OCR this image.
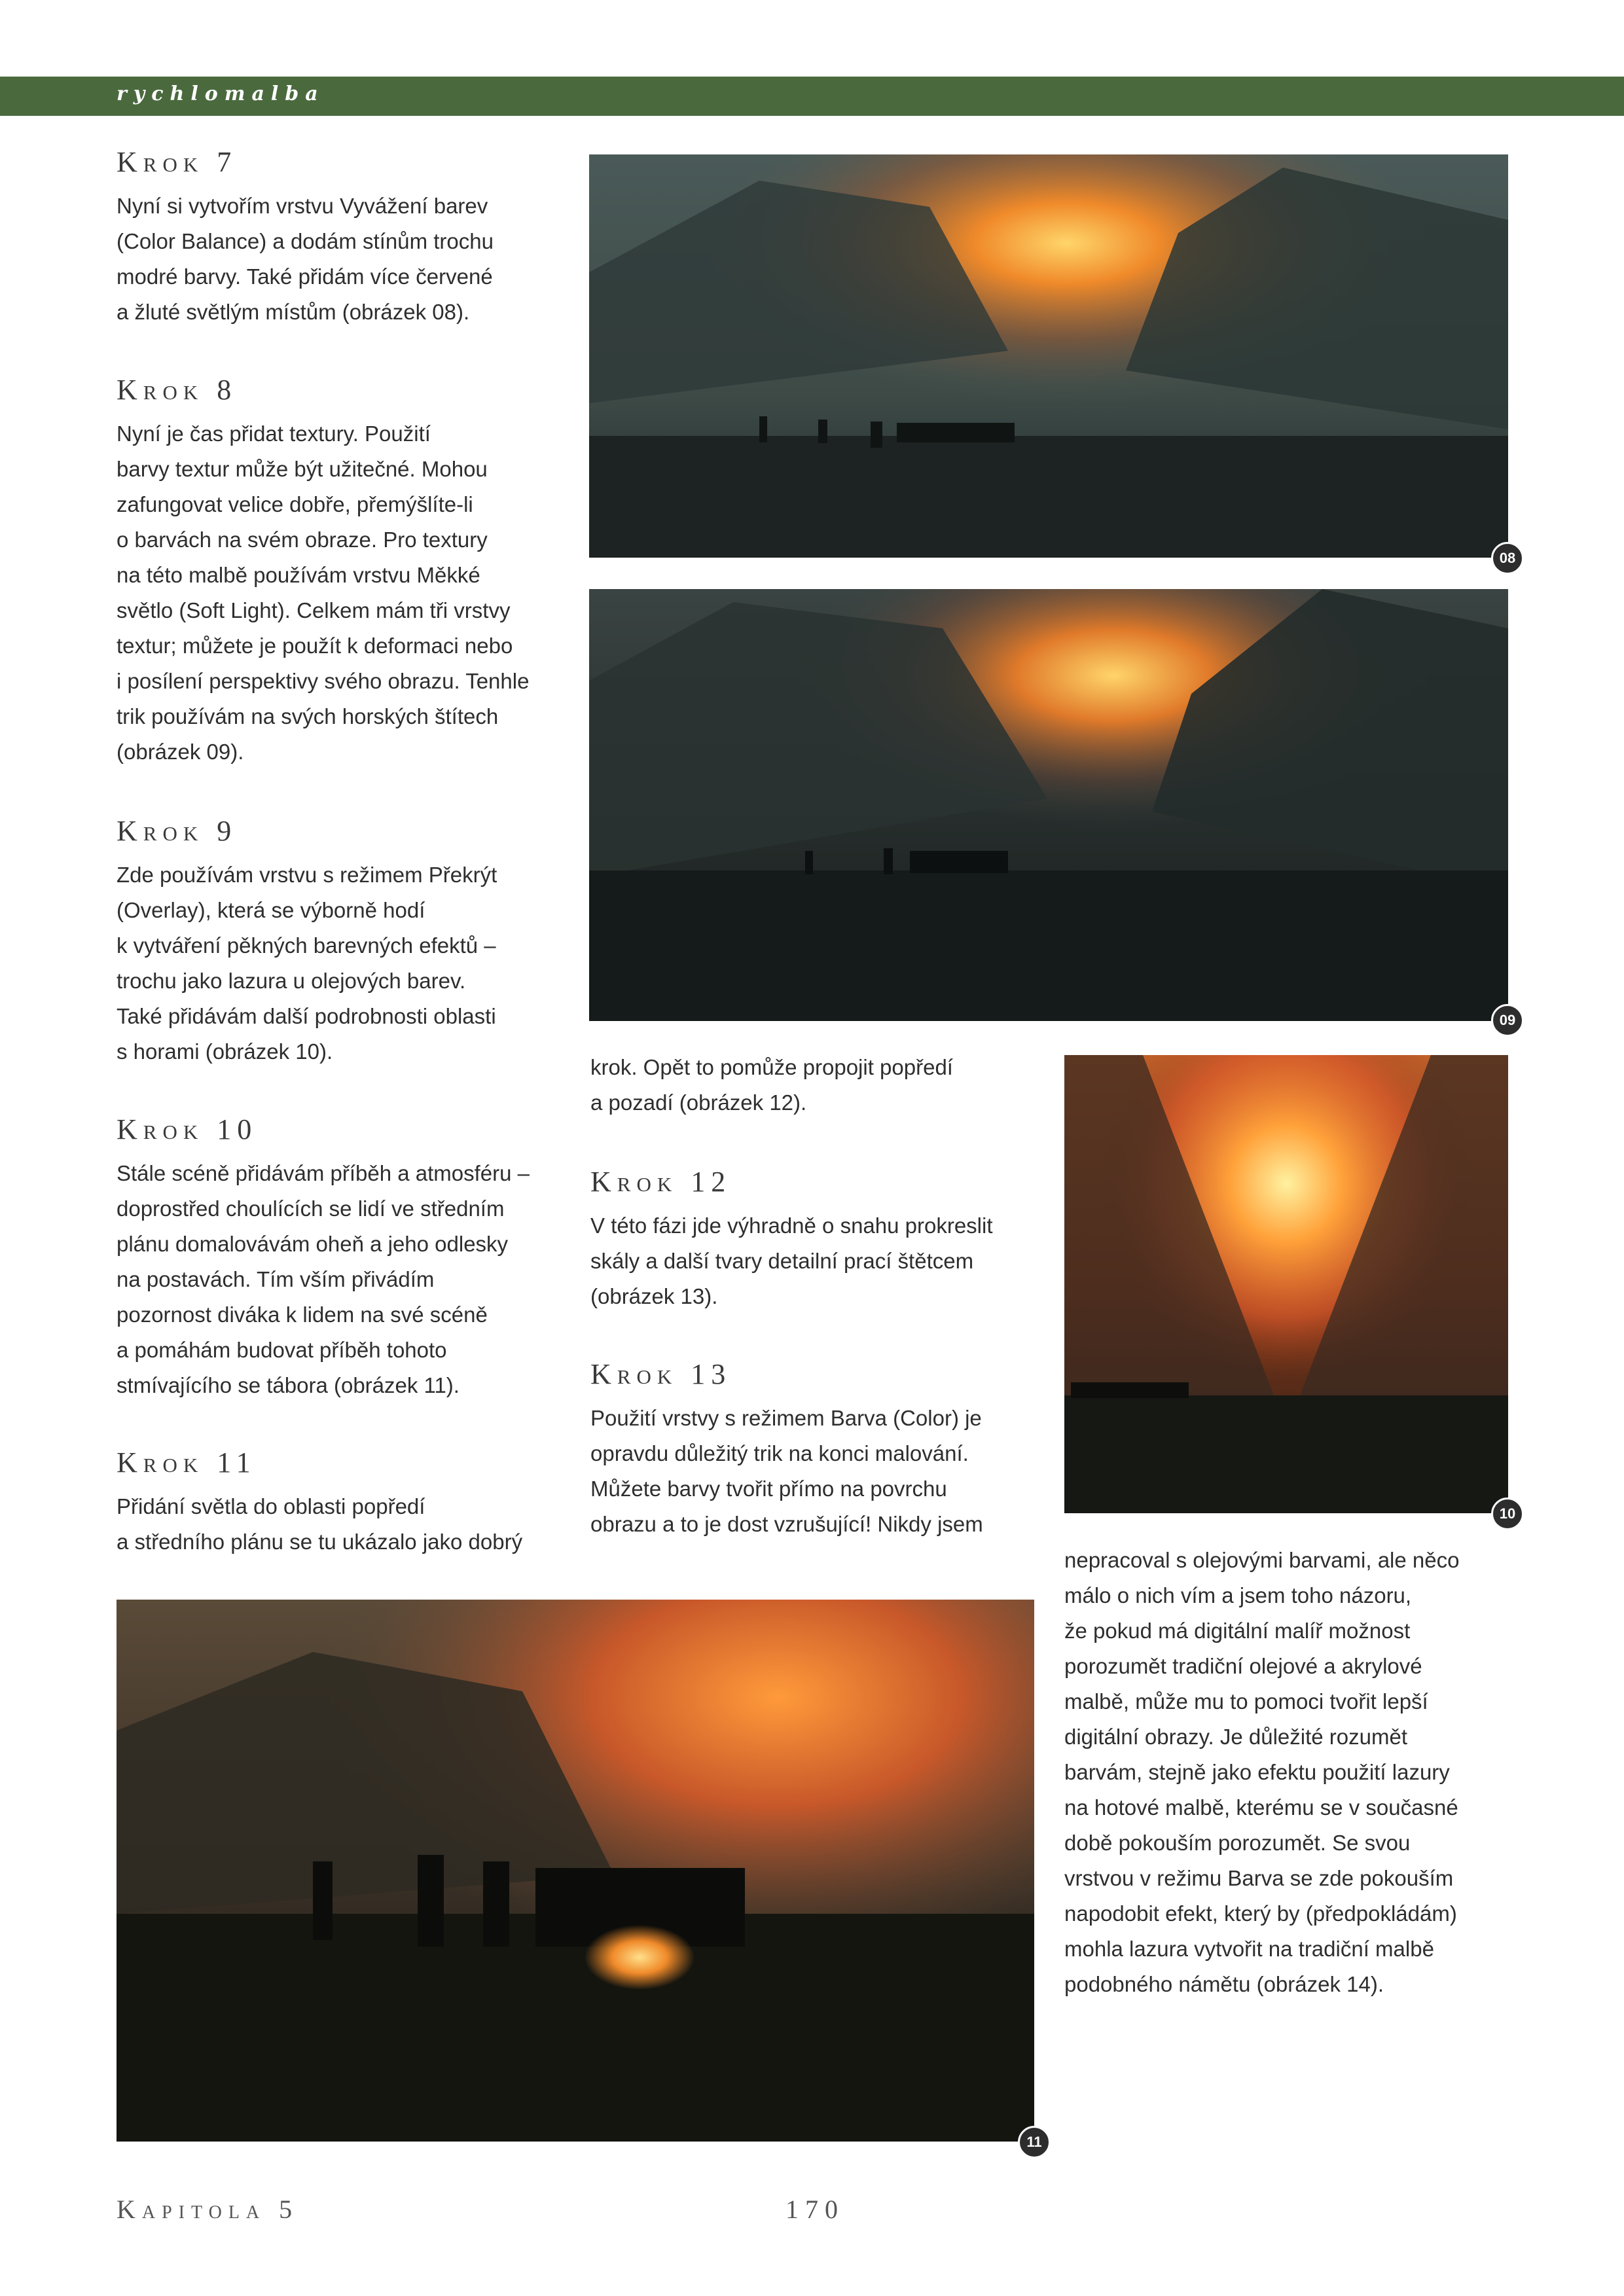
rychlomalba
Krok 7

Nyní si vytvořím vrstvu Vyvážení barev
(Color Balance) a dodám stínům trochu
modré barvy. Také přidám více červené
a žluté světlým místům (obrázek 08).

Krok 8

Nyní je čas přidat textury. Použití
barvy textur může být užitečné. Mohou
zafungovat velice dobře, přemýšlíte-li
o barvách na svém obraze. Pro textury
na této malbě používám vrstvu Měkké
světlo (Soft Light). Celkem mám tři vrstvy
textur; můžete je použít k deformaci nebo
i posílení perspektivy svého obrazu. Tenhle
trik používám na svých horských štítech
(obrázek 09).

Krok 9

Zde používám vrstvu s režimem Překrýt
(Overlay), která se výborně hodí
k vytváření pěkných barevných efektů –
trochu jako lazura u olejových barev.
Také přidávám další podrobnosti oblasti
s horami (obrázek 10).

Krok 10

Stále scéně přidávám příběh a atmosféru –
doprostřed choulících se lidí ve středním
plánu domalovávám oheň a jeho odlesky
na postavách. Tím vším přivádím
pozornost diváka k lidem na své scéně
a pomáhám budovat příběh tohoto
stmívajícího se tábora (obrázek 11).

Krok 11

Přidání světla do oblasti popředí
a středního plánu se tu ukázalo jako dobrý

krok. Opět to pomůže propojit popředí
a pozadí (obrázek 12).

Krok 12

V této fázi jde výhradně o snahu prokreslit
skály a další tvary detailní prací štětcem
(obrázek 13).

Krok 13

Použití vrstvy s režimem Barva (Color) je
opravdu důležitý trik na konci malování.
Můžete barvy tvořit přímo na povrchu
obrazu a to je dost vzrušující! Nikdy jsem

nepracoval s olejovými barvami, ale něco
málo o nich vím a jsem toho názoru,
že pokud má digitální malíř možnost
porozumět tradiční olejové a akrylové
malbě, může mu to pomoci tvořit lepší
digitální obrazy. Je důležité rozumět
barvám, stejně jako efektu použití lazury
na hotové malbě, kterému se v současné
době pokouším porozumět. Se svou
vrstvou v režimu Barva se zde pokouším
napodobit efekt, který by (předpokládám)
mohla lazura vytvořit na tradiční malbě
podobného námětu (obrázek 14).

08
09
10
11
Kapitola 5	170
